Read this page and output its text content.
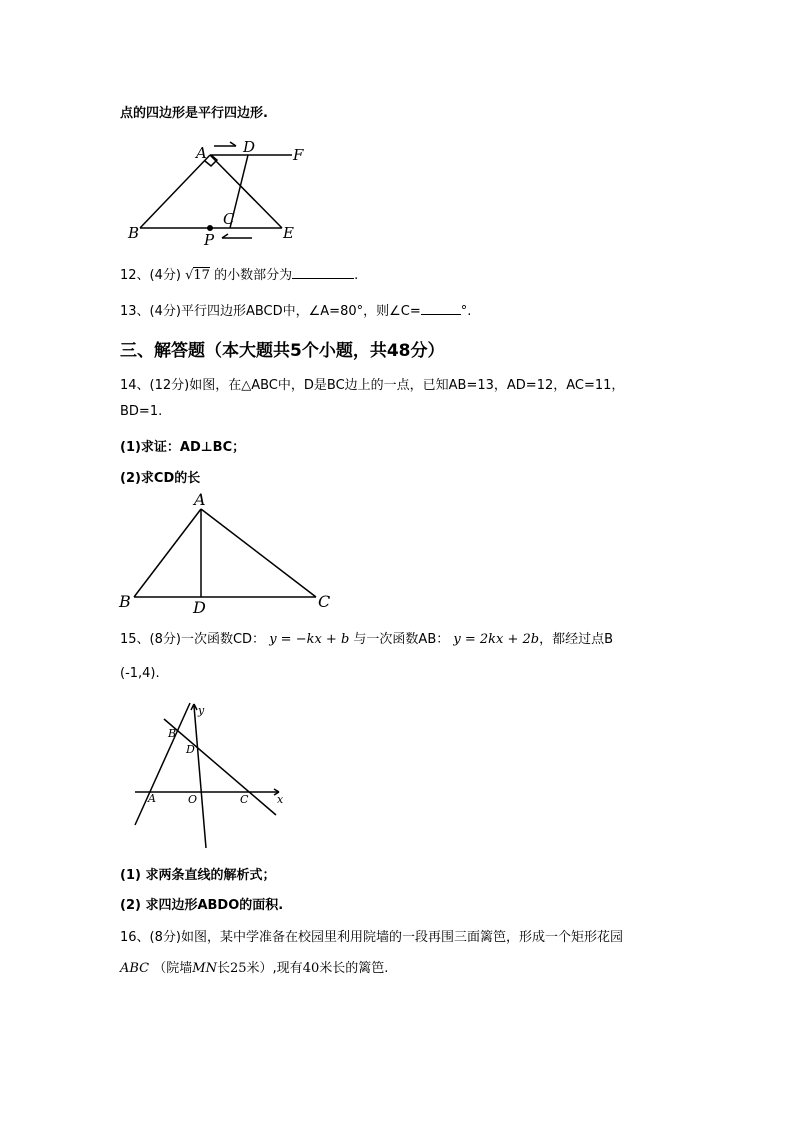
点的四边形是平行四边形.
A D	F
B
C
P	E
12、(4分) √17 的小数部分为	.
13、(4分)平行四边形ABCD中，∠A=80°，则∠C=	°.
三、解答题（本大题共5个小题，共48分）
14、(12分)如图，在△ABC中，D是BC边上的一点，已知AB=13，AD=12，AC=11，
BD=1.
(1)求证：AD⊥BC；
(2)求CD的长
A
B	D	C
15、(8分)一次函数CD： y = −kx + b 与一次函数AB： y = 2kx + 2b，都经过点B
(-1,4).
y
x
B
D
A	O	C
(1) 求两条直线的解析式；
(2) 求四边形ABDO的面积.
16、(8分)如图，某中学准备在校园里利用院墙的一段再围三面篱笆，形成一个矩形花园
ABC （院墙MN长25米）,现有40米长的篱笆.
